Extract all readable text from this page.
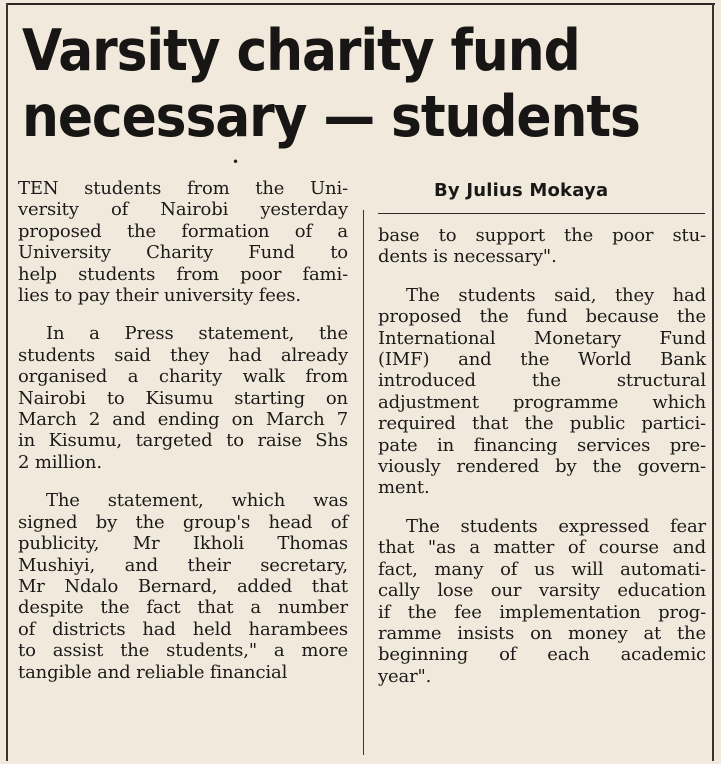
Varsity charity fund
necessary — students
•
By Julius Mokaya
TEN students from the Uni-
versity of Nairobi yesterday
proposed the formation of a
University Charity Fund to
help students from poor fami-
lies to pay their university fees.
In a Press statement, the
students said they had already
organised a charity walk from
Nairobi to Kisumu starting on
March 2 and ending on March 7
in Kisumu, targeted to raise Shs
2 million.
The statement, which was
signed by the group's head of
publicity, Mr Ikholi Thomas
Mushiyi, and their secretary,
Mr Ndalo Bernard, added that
despite the fact that a number
of districts had held harambees
to assist the students," a more
tangible and reliable financial
base to support the poor stu-
dents is necessary".
The students said, they had
proposed the fund because the
International Monetary Fund
(IMF) and the World Bank
introduced the structural
adjustment programme which
required that the public partici-
pate in financing services pre-
viously rendered by the govern-
ment.
The students expressed fear
that "as a matter of course and
fact, many of us will automati-
cally lose our varsity education
if the fee implementation prog-
ramme insists on money at the
beginning of each academic
year".
